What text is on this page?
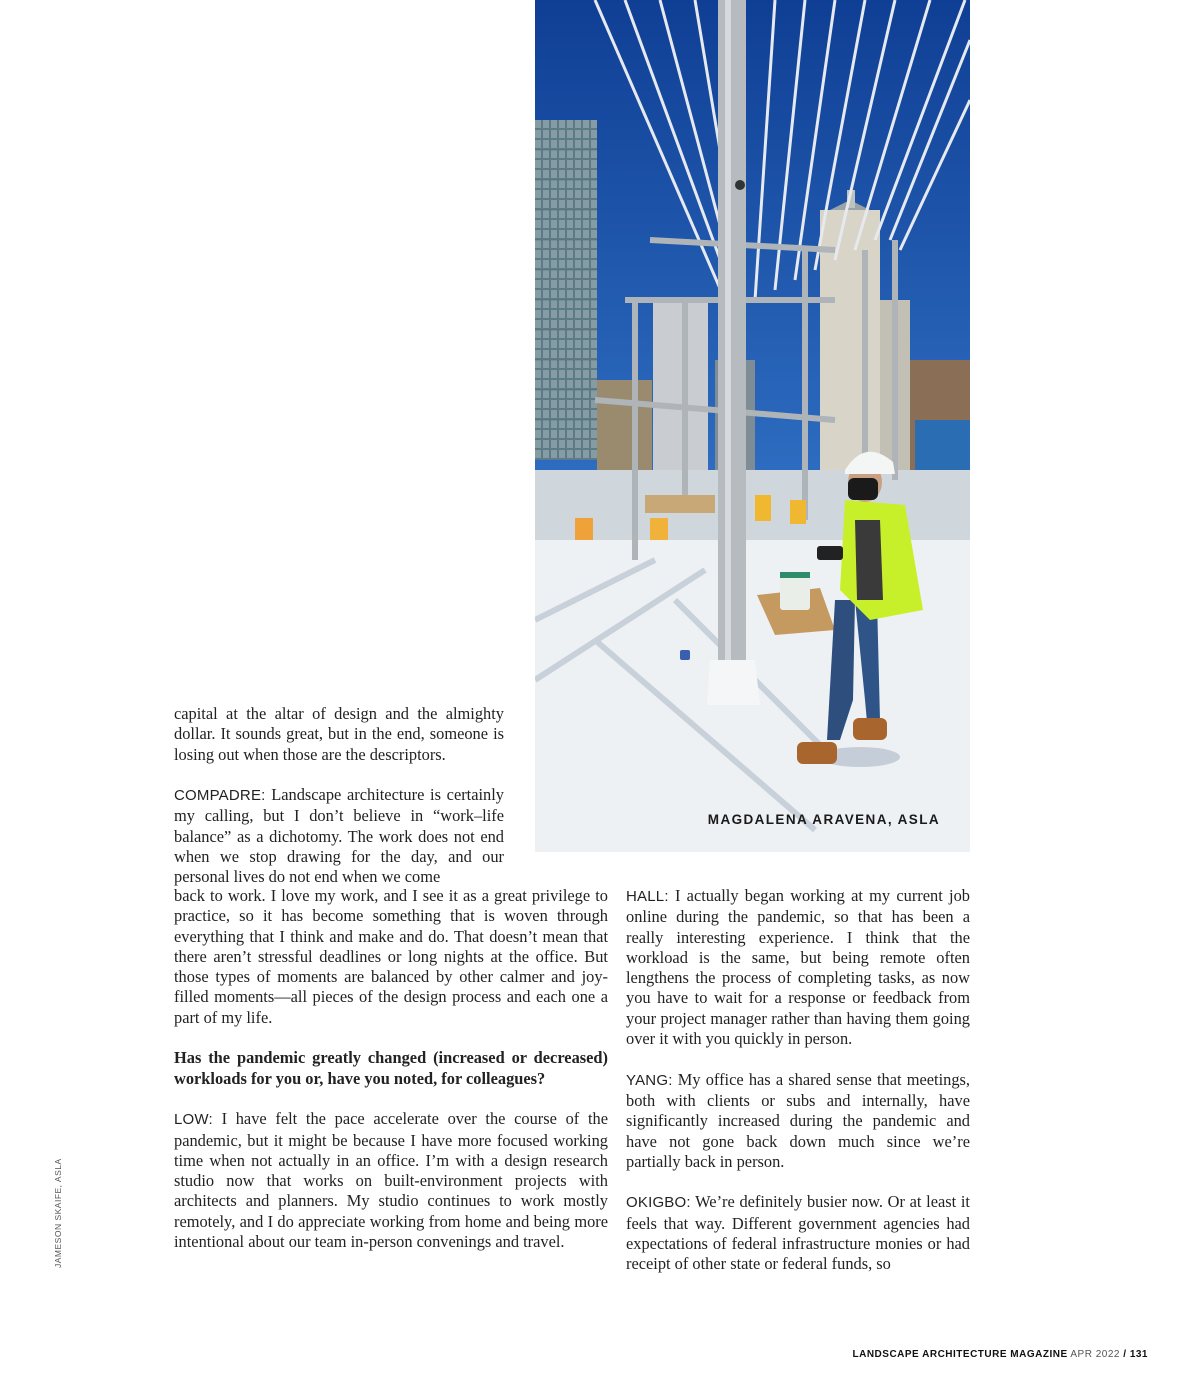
MAGDALENA ARAVENA, ASLA

capital at the altar of design and the almighty dollar. It sounds great, but in the end, someone is losing out when those are the descriptors.

COMPADRE: Landscape architecture is certainly my calling, but I don’t believe in “work–life balance” as a dichotomy. The work does not end when we stop drawing for the day, and our personal lives do not end when we come

back to work. I love my work, and I see it as a great privilege to practice, so it has become something that is woven through everything that I think and make and do. That doesn’t mean that there aren’t stressful deadlines or long nights at the office. But those types of moments are balanced by other calmer and joy-filled moments—all pieces of the design process and each one a part of my life.

Has the pandemic greatly changed (increased or decreased) workloads for you or, have you noted, for colleagues?

LOW: I have felt the pace accelerate over the course of the pandemic, but it might be because I have more focused working time when not actually in an office. I’m with a design research studio now that works on built-environment projects with architects and planners. My studio continues to work mostly remotely, and I do appreciate working from home and being more intentional about our team in-person convenings and travel.

HALL: I actually began working at my current job online during the pandemic, so that has been a really interesting experience. I think that the workload is the same, but being remote often lengthens the process of completing tasks, as now you have to wait for a response or feedback from your project manager rather than having them going over it with you quickly in person.

YANG: My office has a shared sense that meetings, both with clients or subs and internally, have significantly increased during the pandemic and have not gone back down much since we’re partially back in person.

OKIGBO: We’re definitely busier now. Or at least it feels that way. Different government agencies had expectations of federal infrastructure monies or had receipt of other state or federal funds, so

JAMESON SKAIFE, ASLA
LANDSCAPE ARCHITECTURE MAGAZINE APR 2022 / 131
